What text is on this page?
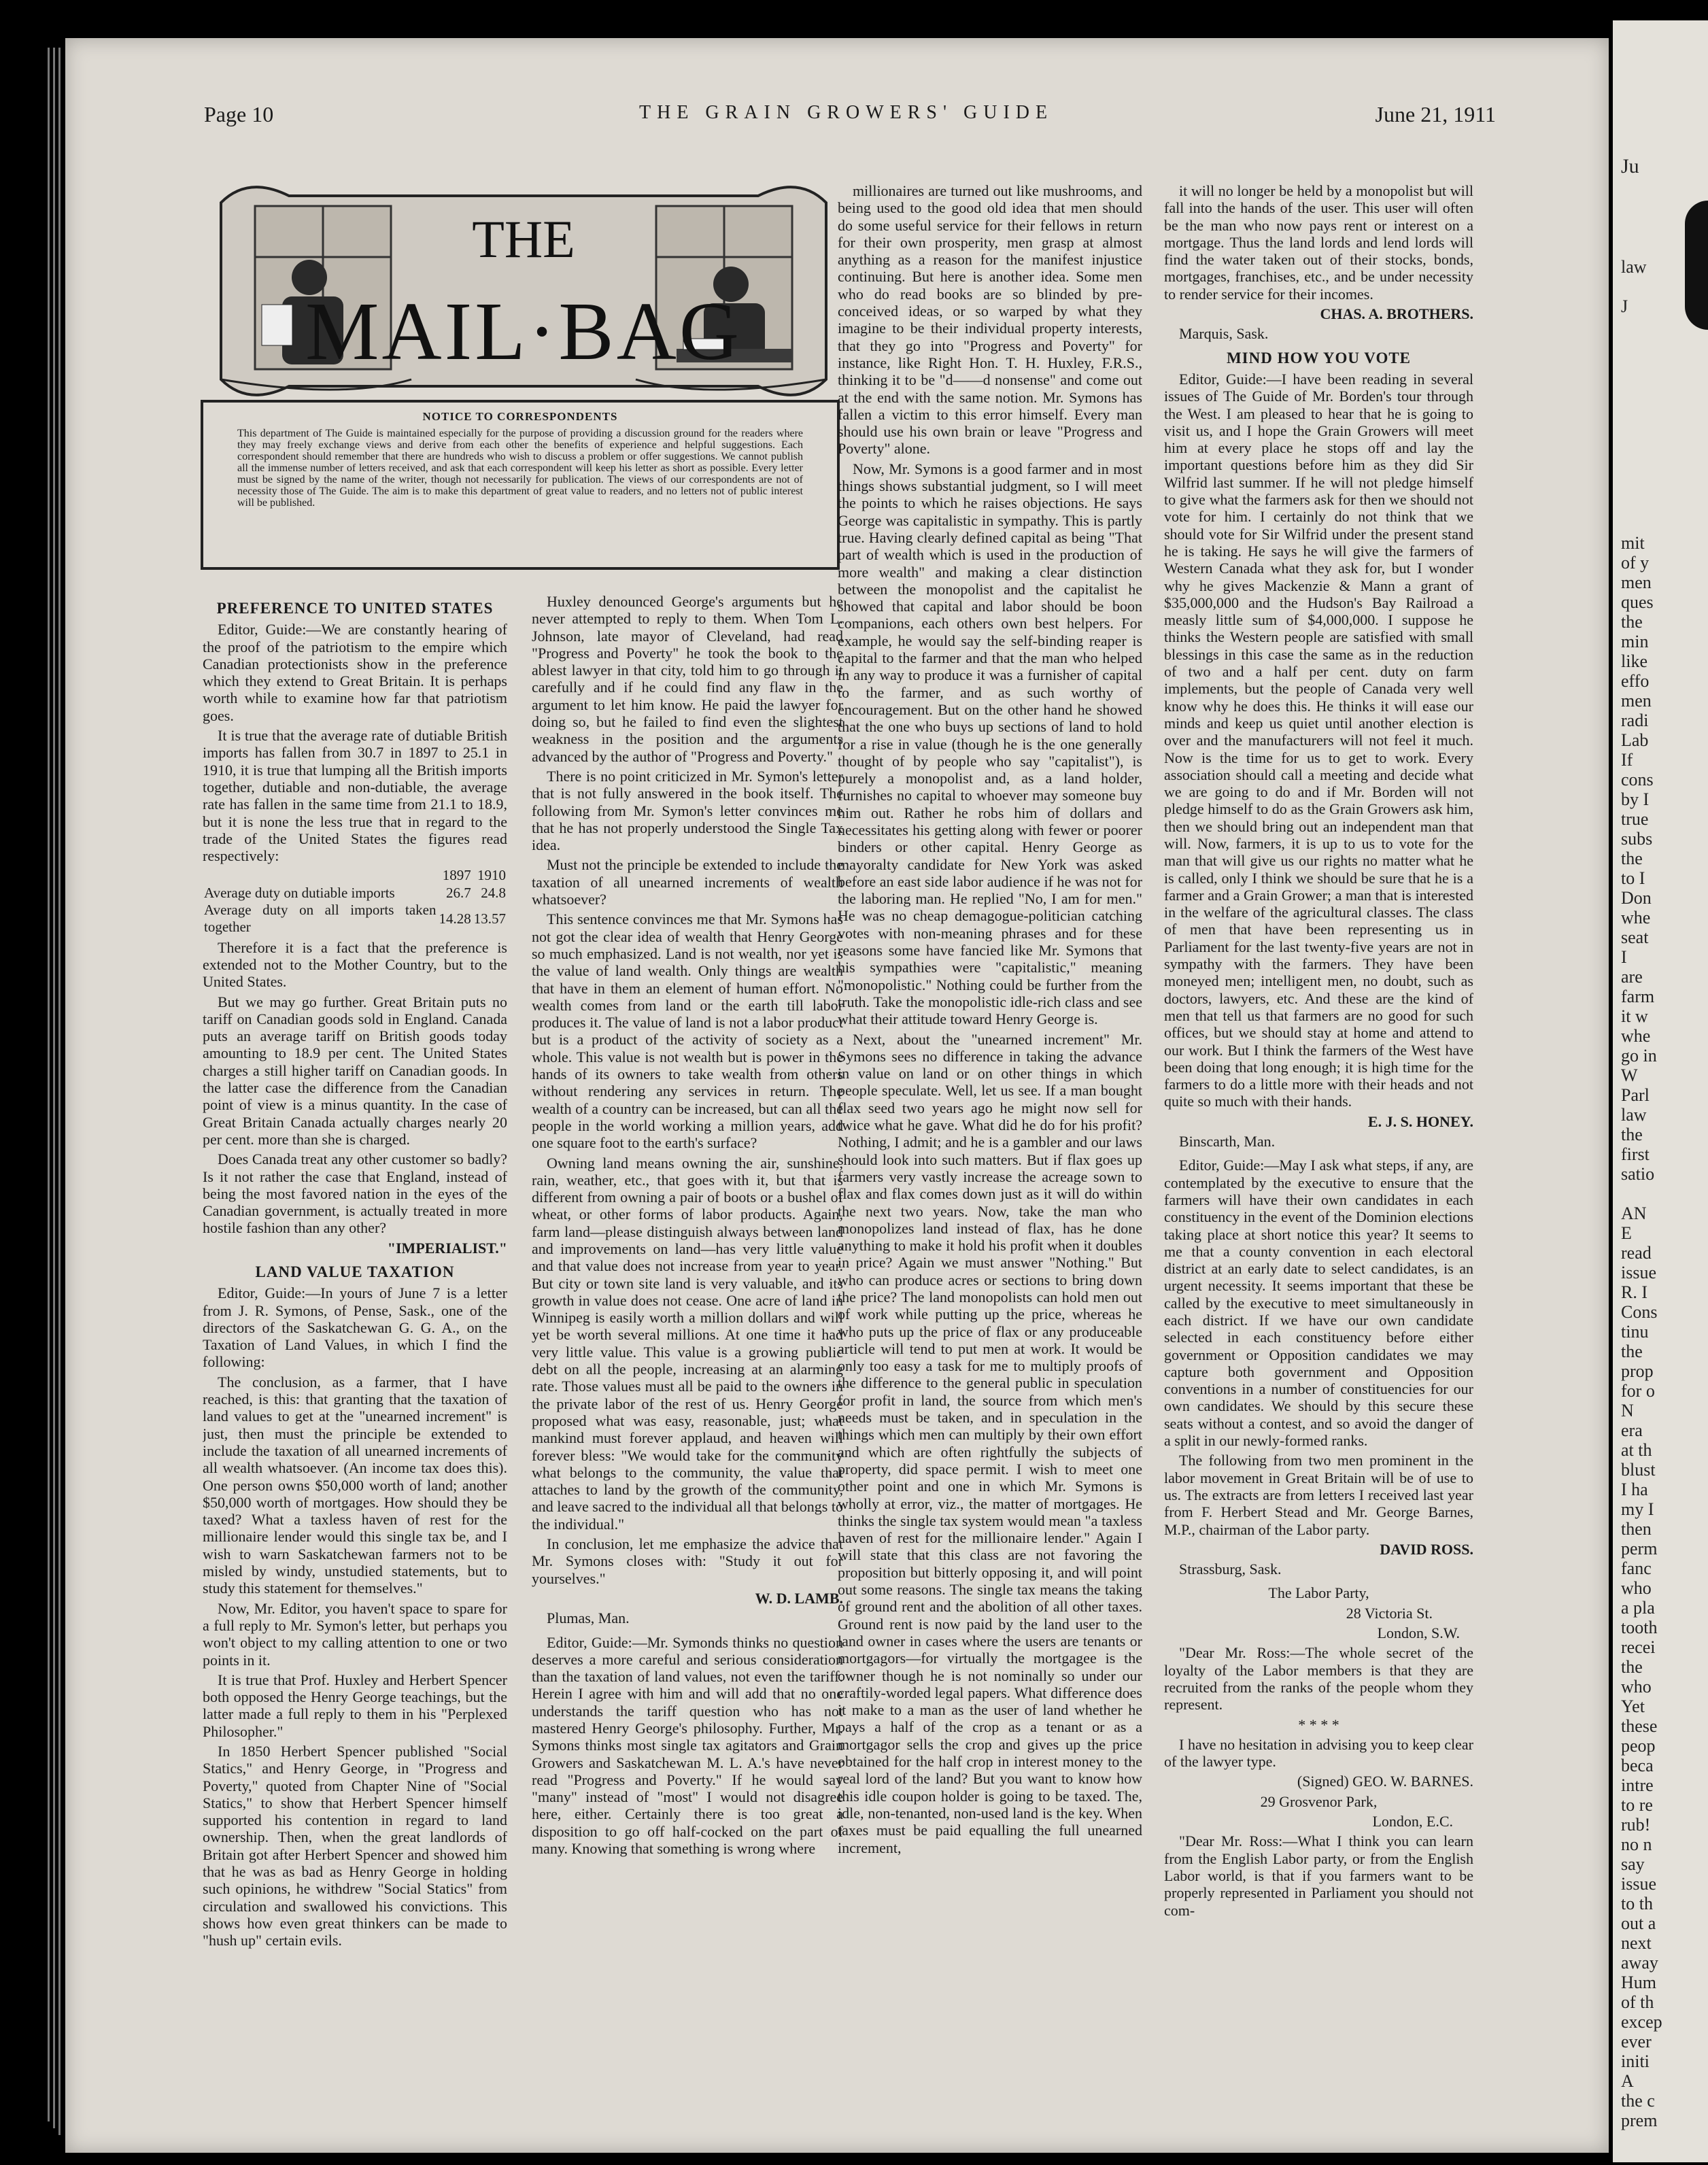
Ju
law
J
mit
of y
men
ques
the
min
like
effo
men
radi
Lab
If
cons
by I
true
subs
the
to I
Don
whe
seat
I
are
farm
it w
whe
go in
W
Parl
law
the
first
satio
AN
E
read
issue
R. I
Cons
tinu
the
prop
for o
N
era
at th
blust
I ha
my I
then
perm
fanc
who
a pla
tooth
recei
the
who
Yet
these
peop
beca
intre
to re
rub!
no n
say
issue
to th
out a
next
away
Hum
of th
excep
ever
initi
A
the c
prem
Page 10	THE GRAIN GROWERS' GUIDE	June 21, 1911
THE
MAIL·BAG
NOTICE TO CORRESPONDENTS
This department of The Guide is maintained especially for the purpose of providing a discussion ground for the readers where they may freely exchange views and derive from each other the benefits of experience and helpful suggestions. Each correspondent should remember that there are hundreds who wish to discuss a problem or offer suggestions. We cannot publish all the immense number of letters received, and ask that each correspondent will keep his letter as short as possible. Every letter must be signed by the name of the writer, though not necessarily for publication. The views of our correspondents are not of necessity those of The Guide. The aim is to make this department of great value to readers, and no letters not of public interest will be published.
PREFERENCE TO UNITED STATES

Editor, Guide:—We are constantly hearing of the proof of the patriotism to the empire which Canadian protectionists show in the preference which they extend to Great Britain. It is perhaps worth while to examine how far that patriotism goes.

It is true that the average rate of dutiable British imports has fallen from 30.7 in 1897 to 25.1 in 1910, it is true that lumping all the British imports together, dutiable and non-dutiable, the average rate has fallen in the same time from 21.1 to 18.9, but it is none the less true that in regard to the trade of the United States the figures read respectively:

	1897	1910
Average duty on dutiable imports	26.7	24.8
Average duty on all imports taken together	14.28	13.57

Therefore it is a fact that the preference is extended not to the Mother Country, but to the United States.

But we may go further. Great Britain puts no tariff on Canadian goods sold in England. Canada puts an average tariff on British goods today amounting to 18.9 per cent. The United States charges a still higher tariff on Canadian goods. In the latter case the difference from the Canadian point of view is a minus quantity. In the case of Great Britain Canada actually charges nearly 20 per cent. more than she is charged.

Does Canada treat any other customer so badly? Is it not rather the case that England, instead of being the most favored nation in the eyes of the Canadian government, is actually treated in more hostile fashion than any other?

"IMPERIALIST."

LAND VALUE TAXATION

Editor, Guide:—In yours of June 7 is a letter from J. R. Symons, of Pense, Sask., one of the directors of the Saskatchewan G. G. A., on the Taxation of Land Values, in which I find the following:

The conclusion, as a farmer, that I have reached, is this: that granting that the taxation of land values to get at the "unearned increment" is just, then must the principle be extended to include the taxation of all unearned increments of all wealth whatsoever. (An income tax does this). One person owns $50,000 worth of land; another $50,000 worth of mortgages. How should they be taxed? What a taxless haven of rest for the millionaire lender would this single tax be, and I wish to warn Saskatchewan farmers not to be misled by windy, unstudied statements, but to study this statement for themselves."

Now, Mr. Editor, you haven't space to spare for a full reply to Mr. Symon's letter, but perhaps you won't object to my calling attention to one or two points in it.

It is true that Prof. Huxley and Herbert Spencer both opposed the Henry George teachings, but the latter made a full reply to them in his "Perplexed Philosopher."

In 1850 Herbert Spencer published "Social Statics," and Henry George, in "Progress and Poverty," quoted from Chapter Nine of "Social Statics," to show that Herbert Spencer himself supported his contention in regard to land ownership. Then, when the great landlords of Britain got after Herbert Spencer and showed him that he was as bad as Henry George in holding such opinions, he withdrew "Social Statics" from circulation and swallowed his convictions. This shows how even great thinkers can be made to "hush up" certain evils.

Huxley denounced George's arguments but he never attempted to reply to them. When Tom L. Johnson, late mayor of Cleveland, had read "Progress and Poverty" he took the book to the ablest lawyer in that city, told him to go through it carefully and if he could find any flaw in the argument to let him know. He paid the lawyer for doing so, but he failed to find even the slightest weakness in the position and the arguments advanced by the author of "Progress and Poverty."

There is no point criticized in Mr. Symon's letter that is not fully answered in the book itself. The following from Mr. Symon's letter convinces me that he has not properly understood the Single Tax idea.

Must not the principle be extended to include the taxation of all unearned increments of wealth whatsoever?

This sentence convinces me that Mr. Symons has not got the clear idea of wealth that Henry George so much emphasized. Land is not wealth, nor yet is the value of land wealth. Only things are wealth that have in them an element of human effort. No wealth comes from land or the earth till labor produces it. The value of land is not a labor product but is a product of the activity of society as a whole. This value is not wealth but is power in the hands of its owners to take wealth from others without rendering any services in return. The wealth of a country can be increased, but can all the people in the world working a million years, add one square foot to the earth's surface?

Owning land means owning the air, sunshine, rain, weather, etc., that goes with it, but that is different from owning a pair of boots or a bushel of wheat, or other forms of labor products. Again, farm land—please distinguish always between land and improvements on land—has very little value and that value does not increase from year to year. But city or town site land is very valuable, and its growth in value does not cease. One acre of land in Winnipeg is easily worth a million dollars and will yet be worth several millions. At one time it had very little value. This value is a growing public debt on all the people, increasing at an alarming rate. Those values must all be paid to the owners in the private labor of the rest of us. Henry George proposed what was easy, reasonable, just; what mankind must forever applaud, and heaven will forever bless: "We would take for the community what belongs to the community, the value that attaches to land by the growth of the community, and leave sacred to the individual all that belongs to the individual."

In conclusion, let me emphasize the advice that Mr. Symons closes with: "Study it out for yourselves."

W. D. LAMB.

Plumas, Man.

Editor, Guide:—Mr. Symonds thinks no question deserves a more careful and serious consideration than the taxation of land values, not even the tariff. Herein I agree with him and will add that no one understands the tariff question who has not mastered Henry George's philosophy. Further, Mr. Symons thinks most single tax agitators and Grain Growers and Saskatchewan M. L. A.'s have never read "Progress and Poverty." If he would say "many" instead of "most" I would not disagree here, either. Certainly there is too great a disposition to go off half-cocked on the part of many. Knowing that something is wrong where

millionaires are turned out like mushrooms, and being used to the good old idea that men should do some useful service for their fellows in return for their own prosperity, men grasp at almost anything as a reason for the manifest injustice continuing. But here is another idea. Some men who do read books are so blinded by pre-conceived ideas, or so warped by what they imagine to be their individual property interests, that they go into "Progress and Poverty" for instance, like Right Hon. T. H. Huxley, F.R.S., thinking it to be "d——d nonsense" and come out at the end with the same notion. Mr. Symons has fallen a victim to this error himself. Every man should use his own brain or leave "Progress and Poverty" alone.

Now, Mr. Symons is a good farmer and in most things shows substantial judgment, so I will meet the points to which he raises objections. He says George was capitalistic in sympathy. This is partly true. Having clearly defined capital as being "That part of wealth which is used in the production of more wealth" and making a clear distinction between the monopolist and the capitalist he showed that capital and labor should be boon companions, each others own best helpers. For example, he would say the self-binding reaper is capital to the farmer and that the man who helped in any way to produce it was a furnisher of capital to the farmer, and as such worthy of encouragement. But on the other hand he showed that the one who buys up sections of land to hold for a rise in value (though he is the one generally thought of by people who say "capitalist"), is purely a monopolist and, as a land holder, furnishes no capital to whoever may someone buy him out. Rather he robs him of dollars and necessitates his getting along with fewer or poorer binders or other capital. Henry George as mayoralty candidate for New York was asked before an east side labor audience if he was not for the laboring man. He replied "No, I am for men." He was no cheap demagogue-politician catching votes with non-meaning phrases and for these reasons some have fancied like Mr. Symons that his sympathies were "capitalistic," meaning "monopolistic." Nothing could be further from the truth. Take the monopolistic idle-rich class and see what their attitude toward Henry George is.

Next, about the "unearned increment" Mr. Symons sees no difference in taking the advance in value on land or on other things in which people speculate. Well, let us see. If a man bought flax seed two years ago he might now sell for twice what he gave. What did he do for his profit? Nothing, I admit; and he is a gambler and our laws should look into such matters. But if flax goes up farmers very vastly increase the acreage sown to flax and flax comes down just as it will do within the next two years. Now, take the man who monopolizes land instead of flax, has he done anything to make it hold his profit when it doubles in price? Again we must answer "Nothing." But who can produce acres or sections to bring down the price? The land monopolists can hold men out of work while putting up the price, whereas he who puts up the price of flax or any produceable article will tend to put men at work. It would be only too easy a task for me to multiply proofs of the difference to the general public in speculation for profit in land, the source from which men's needs must be taken, and in speculation in the things which men can multiply by their own effort and which are often rightfully the subjects of property, did space permit. I wish to meet one other point and one in which Mr. Symons is wholly at error, viz., the matter of mortgages. He thinks the single tax system would mean "a taxless haven of rest for the millionaire lender." Again I will state that this class are not favoring the proposition but bitterly opposing it, and will point out some reasons. The single tax means the taking of ground rent and the abolition of all other taxes. Ground rent is now paid by the land user to the land owner in cases where the users are tenants or mortgagors—for virtually the mortgagee is the owner though he is not nominally so under our craftily-worded legal papers. What difference does it make to a man as the user of land whether he pays a half of the crop as a tenant or as a mortgagor sells the crop and gives up the price obtained for the half crop in interest money to the real lord of the land? But you want to know how this idle coupon holder is going to be taxed. The, idle, non-tenanted, non-used land is the key. When taxes must be paid equalling the full unearned increment,

it will no longer be held by a monopolist but will fall into the hands of the user. This user will often be the man who now pays rent or interest on a mortgage. Thus the land lords and lend lords will find the water taken out of their stocks, bonds, mortgages, franchises, etc., and be under necessity to render service for their incomes.

CHAS. A. BROTHERS.

Marquis, Sask.

MIND HOW YOU VOTE

Editor, Guide:—I have been reading in several issues of The Guide of Mr. Borden's tour through the West. I am pleased to hear that he is going to visit us, and I hope the Grain Growers will meet him at every place he stops off and lay the important questions before him as they did Sir Wilfrid last summer. If he will not pledge himself to give what the farmers ask for then we should not vote for him. I certainly do not think that we should vote for Sir Wilfrid under the present stand he is taking. He says he will give the farmers of Western Canada what they ask for, but I wonder why he gives Mackenzie & Mann a grant of $35,000,000 and the Hudson's Bay Railroad a measly little sum of $4,000,000. I suppose he thinks the Western people are satisfied with small blessings in this case the same as in the reduction of two and a half per cent. duty on farm implements, but the people of Canada very well know why he does this. He thinks it will ease our minds and keep us quiet until another election is over and the manufacturers will not feel it much. Now is the time for us to get to work. Every association should call a meeting and decide what we are going to do and if Mr. Borden will not pledge himself to do as the Grain Growers ask him, then we should bring out an independent man that will. Now, farmers, it is up to us to vote for the man that will give us our rights no matter what he is called, only I think we should be sure that he is a farmer and a Grain Grower; a man that is interested in the welfare of the agricultural classes. The class of men that have been representing us in Parliament for the last twenty-five years are not in sympathy with the farmers. They have been moneyed men; intelligent men, no doubt, such as doctors, lawyers, etc. And these are the kind of men that tell us that farmers are no good for such offices, but we should stay at home and attend to our work. But I think the farmers of the West have been doing that long enough; it is high time for the farmers to do a little more with their heads and not quite so much with their hands.

E. J. S. HONEY.

Binscarth, Man.

Editor, Guide:—May I ask what steps, if any, are contemplated by the executive to ensure that the farmers will have their own candidates in each constituency in the event of the Dominion elections taking place at short notice this year? It seems to me that a county convention in each electoral district at an early date to select candidates, is an urgent necessity. It seems important that these be called by the executive to meet simultaneously in each district. If we have our own candidate selected in each constituency before either government or Opposition candidates we may capture both government and Opposition conventions in a number of constituencies for our own candidates. We should by this secure these seats without a contest, and so avoid the danger of a split in our newly-formed ranks.

The following from two men prominent in the labor movement in Great Britain will be of use to us. The extracts are from letters I received last year from F. Herbert Stead and Mr. George Barnes, M.P., chairman of the Labor party.

DAVID ROSS.

Strassburg, Sask.

The Labor Party,

28 Victoria St.

London, S.W.

"Dear Mr. Ross:—The whole secret of the loyalty of the Labor members is that they are recruited from the ranks of the people whom they represent.

* * * *

I have no hesitation in advising you to keep clear of the lawyer type.

(Signed) GEO. W. BARNES.

29 Grosvenor Park,

London, E.C.

"Dear Mr. Ross:—What I think you can learn from the English Labor party, or from the English Labor world, is that if you farmers want to be properly represented in Parliament you should not com-
